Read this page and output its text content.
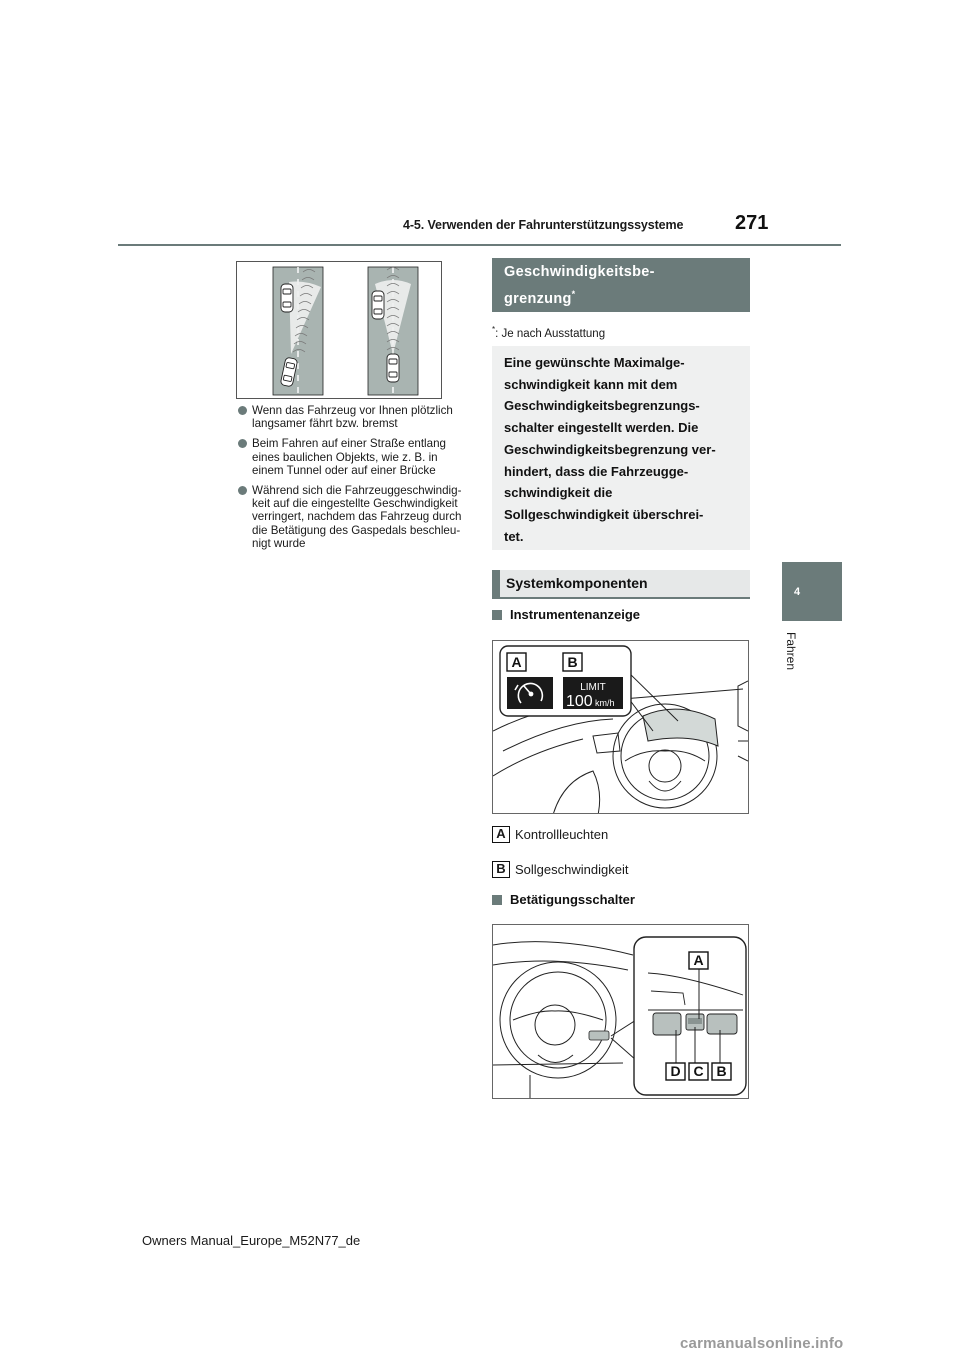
4-5. Verwenden der Fahrunterstützungssysteme	271
4
Fahren
Wenn das Fahrzeug vor Ihnen plötzlich langsamer fährt bzw. bremst
Beim Fahren auf einer Straße entlang eines baulichen Objekts, wie z. B. in einem Tunnel oder auf einer Brücke
Während sich die Fahrzeuggeschwindig-keit auf die eingestellte Geschwindigkeit verringert, nachdem das Fahrzeug durch die Betätigung des Gaspedals beschleu-nigt wurde
Geschwindigkeitsbe-
grenzung*
*: Je nach Ausstattung
Eine gewünschte Maximalge-
schwindigkeit kann mit dem
Geschwindigkeitsbegrenzungs-
schalter eingestellt werden. Die
Geschwindigkeitsbegrenzung ver-
hindert, dass die Fahrzeugge-
schwindigkeit die
Sollgeschwindigkeit überschrei-
tet.
Systemkomponenten
Instrumentenanzeige
A	B
LIMIT
100 km/h
A Kontrollleuchten
B Sollgeschwindigkeit
Betätigungsschalter
A
D C B
Owners Manual_Europe_M52N77_de
carmanualsonline.info
